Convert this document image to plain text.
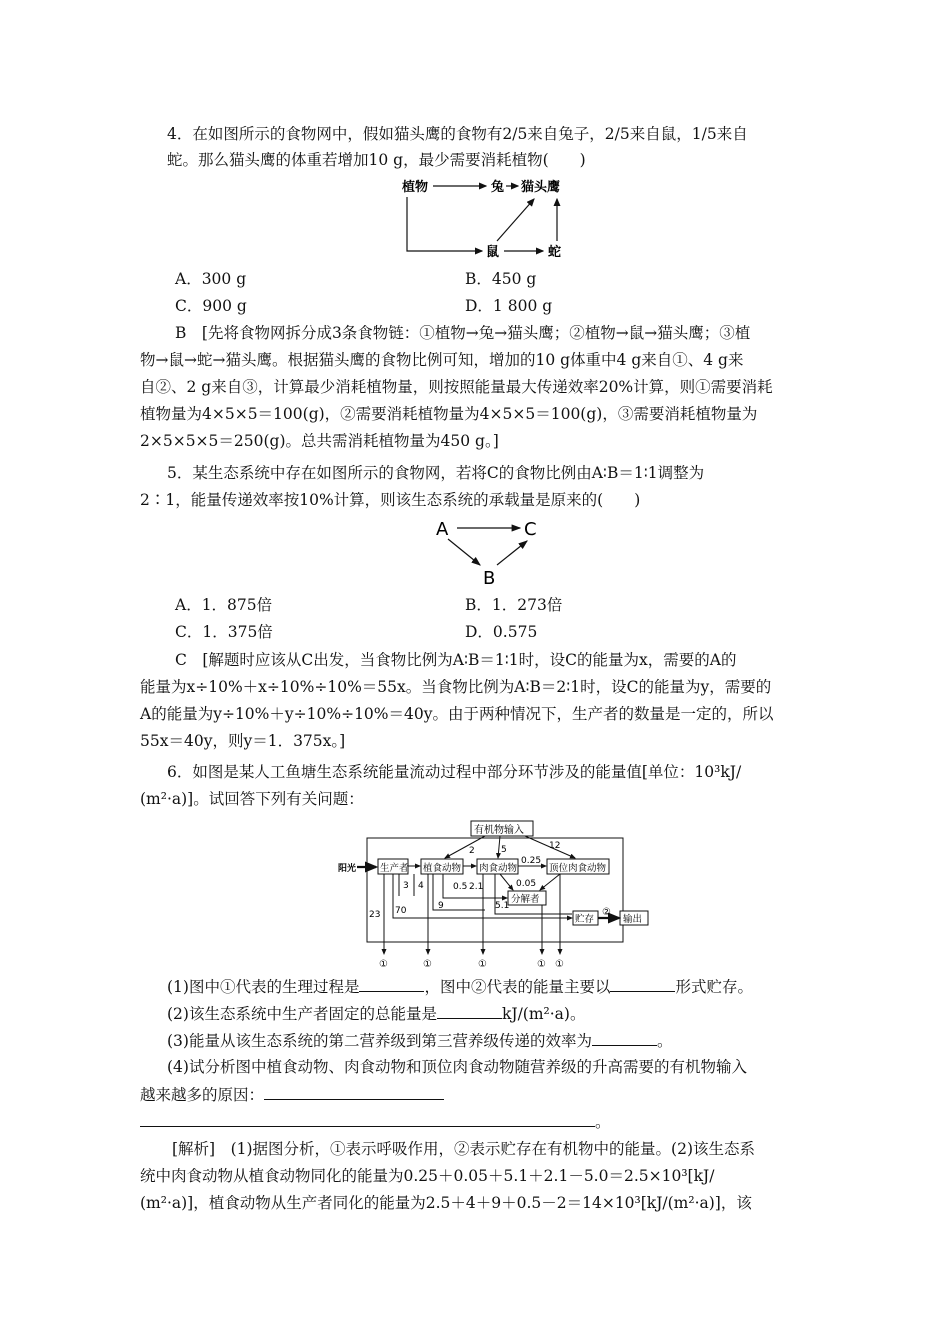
4．在如图所示的食物网中，假如猫头鹰的食物有2/5来自兔子，2/5来自鼠，1/5来自
蛇。那么猫头鹰的体重若增加10 g，最少需要消耗植物(　　)
植物	兔 猫头鹰
鼠	蛇
A．300 g	B．450 g
C．900 g	D．1 800 g
B　[先将食物网拆分成3条食物链：①植物→兔→猫头鹰；②植物→鼠→猫头鹰；③植
物→鼠→蛇→猫头鹰。根据猫头鹰的食物比例可知，增加的10 g体重中4 g来自①、4 g来
自②、2 g来自③，计算最少消耗植物量，则按照能量最大传递效率20%计算，则①需要消耗
植物量为4×5×5＝100(g)，②需要消耗植物量为4×5×5＝100(g)，③需要消耗植物量为
2×5×5×5＝250(g)。总共需消耗植物量为450 g。]
5．某生态系统中存在如图所示的食物网，若将C的食物比例由A∶B＝1∶1调整为
2∶1，能量传递效率按10%计算，则该生态系统的承载量是原来的(　　)
A	C
B
A．1．875倍	B．1．273倍
C．1．375倍	D．0.575
C　[解题时应该从C出发，当食物比例为A∶B＝1∶1时，设C的能量为x，需要的A的
能量为x÷10%＋x÷10%÷10%＝55x。当食物比例为A∶B＝2∶1时，设C的能量为y，需要的
A的能量为y÷10%＋y÷10%÷10%＝40y。由于两种情况下，生产者的数量是一定的，所以
55x＝40y，则y＝1．375x。]
6．如图是某人工鱼塘生态系统能量流动过程中部分环节涉及的能量值[单位：10³kJ/
(m²·a)]。试回答下列有关问题：
有机物输入
阳光	生产者 植食动物 肉食动物	顶位肉食动物
分解者
贮存	输出
0.25
2	5	12
0.5 2.1	0.05
3 4
70	9	5.1
23	②
①	①	①	① ①
(1)图中①代表的生理过程是	，图中②代表的能量主要以	形式贮存。
(2)该生态系统中生产者固定的总能量是	kJ/(m²·a)。
(3)能量从该生态系统的第二营养级到第三营养级传递的效率为	。
(4)试分析图中植食动物、肉食动物和顶位肉食动物随营养级的升高需要的有机物输入
越来越多的原因：
。
[解析]　(1)据图分析，①表示呼吸作用，②表示贮存在有机物中的能量。(2)该生态系
统中肉食动物从植食动物同化的能量为0.25＋0.05＋5.1＋2.1－5.0＝2.5×10³[kJ/
(m²·a)]，植食动物从生产者同化的能量为2.5＋4＋9＋0.5－2＝14×10³[kJ/(m²·a)]，该
